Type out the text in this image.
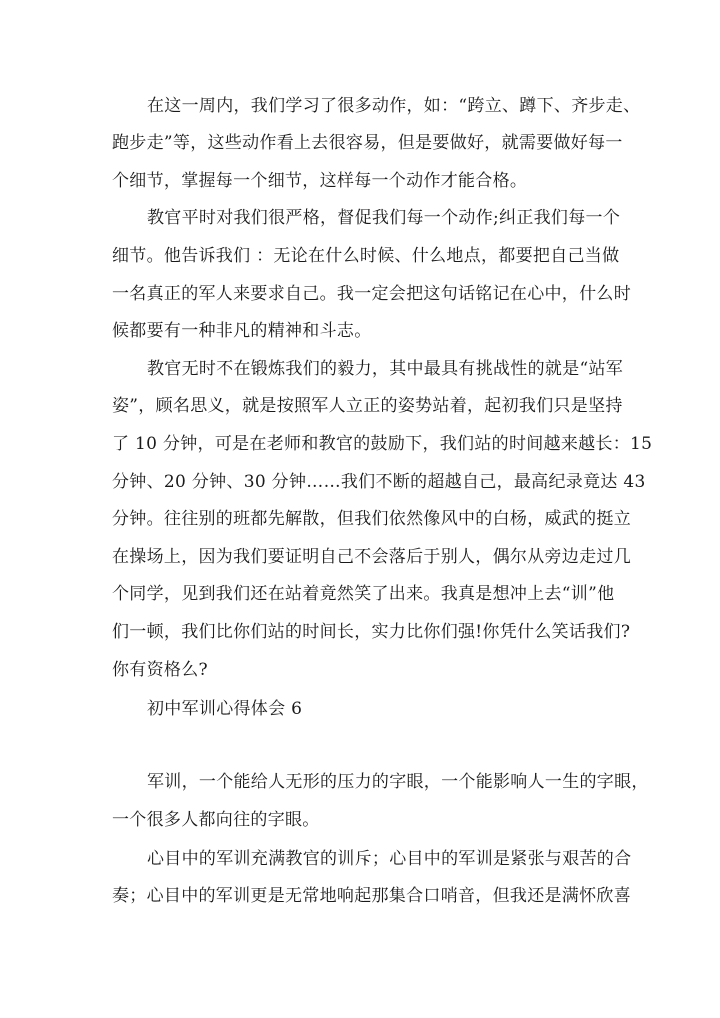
在这一周内，我们学习了很多动作，如：“跨立、蹲下、齐步走、
跑步走”等，这些动作看上去很容易，但是要做好，就需要做好每一
个细节，掌握每一个细节，这样每一个动作才能合格。
教官平时对我们很严格，督促我们每一个动作;纠正我们每一个
细节。他告诉我们 ：无论在什么时候、什么地点，都要把自己当做
一名真正的军人来要求自己。我一定会把这句话铭记在心中，什么时
候都要有一种非凡的精神和斗志。
教官无时不在锻炼我们的毅力，其中最具有挑战性的就是“站军
姿”，顾名思义，就是按照军人立正的姿势站着，起初我们只是坚持
了 10 分钟，可是在老师和教官的鼓励下，我们站的时间越来越长：15
分钟、20 分钟、30 分钟……我们不断的超越自己，最高纪录竟达 43
分钟。往往别的班都先解散，但我们依然像风中的白杨，威武的挺立
在操场上，因为我们要证明自己不会落后于别人，偶尔从旁边走过几
个同学，见到我们还在站着竟然笑了出来。我真是想冲上去“训”他
们一顿，我们比你们站的时间长，实力比你们强!你凭什么笑话我们?
你有资格么?
初中军训心得体会 6
军训，一个能给人无形的压力的字眼，一个能影响人一生的字眼，
一个很多人都向往的字眼。
心目中的军训充满教官的训斥；心目中的军训是紧张与艰苦的合
奏；心目中的军训更是无常地响起那集合口哨音，但我还是满怀欣喜
